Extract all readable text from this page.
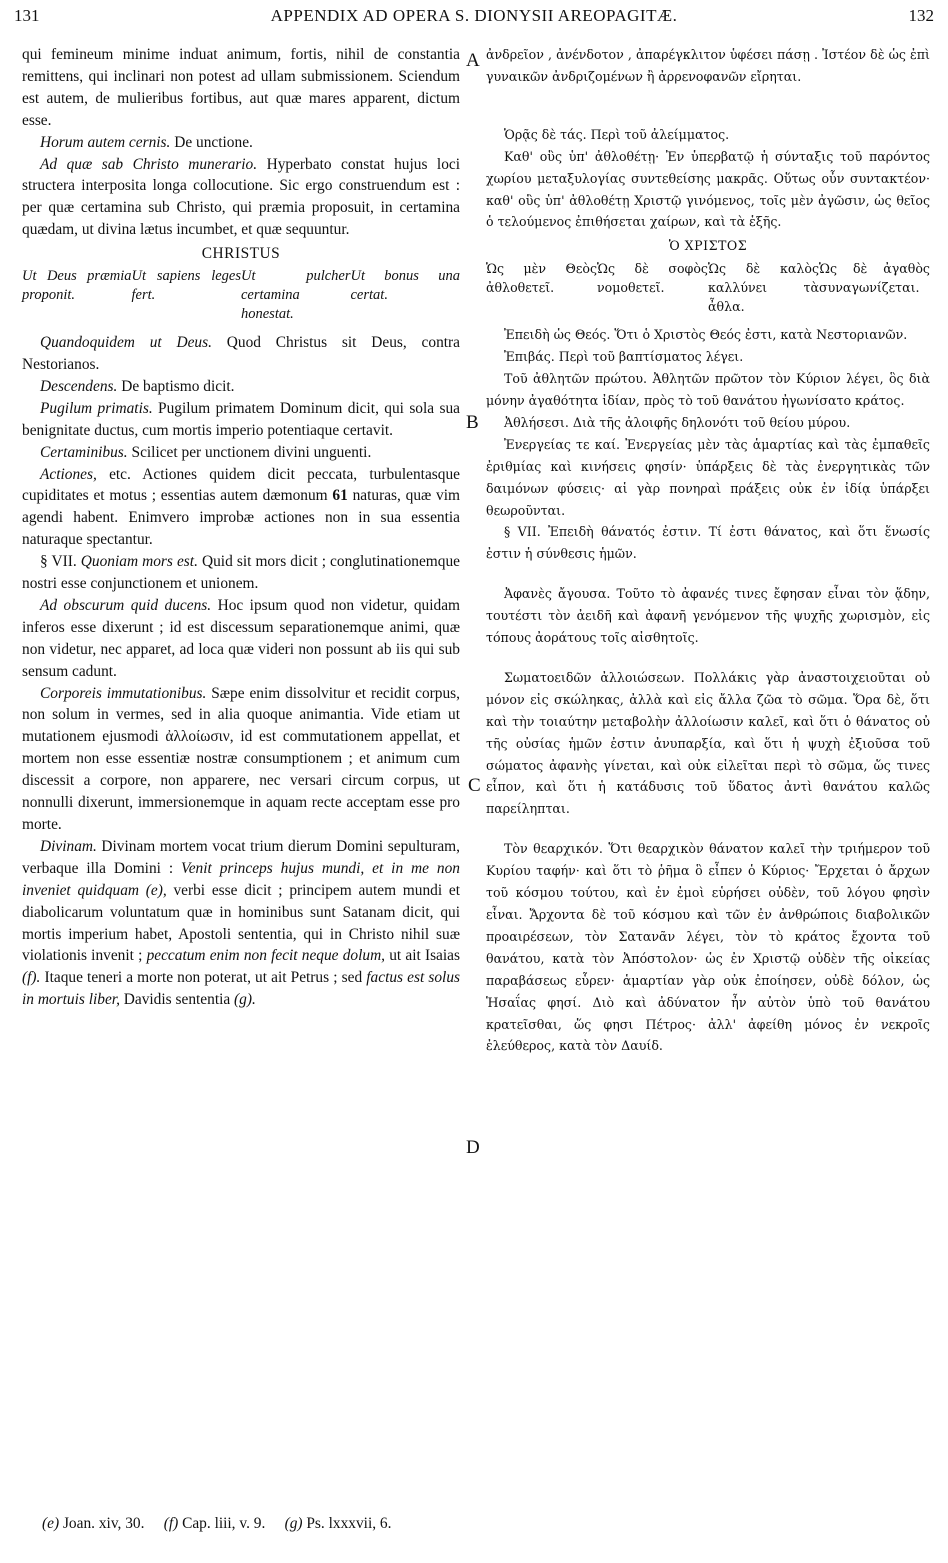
131	APPENDIX AD OPERA S. DIONYSII AREOPAGITÆ.	132
A
B
C
D

qui femineum minime induat animum, fortis, nihil de constantia remittens, qui inclinari non potest ad ullam submissionem. Sciendum est autem, de mulieribus fortibus, aut quæ mares apparent, dictum esse.

Horum autem cernis. De unctione.

Ad quæ sab Christo munerario. Hyperbato constat hujus loci structera interposita longa collocutione. Sic ergo construendum est : per quæ certamina sub Christo, qui præmia proposuit, in certamina quædam, ut divina lætus incumbet, et quæ sequuntur.

CHRISTUS
Ut Deus præmia proponit.
Ut sapiens leges fert.
Ut pulcher certamina honestat.
Ut bonus una certat.

Quandoquidem ut Deus. Quod Christus sit Deus, contra Nestorianos.

Descendens. De baptismo dicit.

Pugilum primatis. Pugilum primatem Dominum dicit, qui sola sua benignitate ductus, cum mortis imperio potentiaque certavit.

Certaminibus. Scilicet per unctionem divini unguenti.

Actiones, etc. Actiones quidem dicit peccata, turbulentasque cupiditates et motus ; essentias autem dæmonum 61 naturas, quæ vim agendi habent. Enimvero improbæ actiones non in sua essentia naturaque spectantur.

§ VII. Quoniam mors est. Quid sit mors dicit ; conglutinationemque nostri esse conjunctionem et unionem.

Ad obscurum quid ducens. Hoc ipsum quod non videtur, quidam inferos esse dixerunt ; id est discessum separationemque animi, quæ non videtur, nec apparet, ad loca quæ videri non possunt ab iis qui sub sensum cadunt.

Corporeis immutationibus. Sæpe enim dissolvitur et recidit corpus, non solum in vermes, sed in alia quoque animantia. Vide etiam ut mutationem ejusmodi ἀλλοίωσιν, id est commutationem appellat, et mortem non esse essentiæ nostræ consumptionem ; et animum cum discessit a corpore, non apparere, nec versari circum corpus, ut nonnulli dixerunt, immersionemque in aquam recte acceptam esse pro morte.

Divinam. Divinam mortem vocat trium dierum Domini sepulturam, verbaque illa Domini : Venit princeps hujus mundi, et in me non inveniet quidquam (e), verbi esse dicit ; principem autem mundi et diabolicarum voluntatum quæ in hominibus sunt Satanam dicit, qui mortis imperium habet, Apostoli sententia, qui in Christo nihil suæ violationis invenit ; peccatum enim non fecit neque dolum, ut ait Isaias (f). Itaque teneri a morte non poterat, ut ait Petrus ; sed factus est solus in mortuis liber, Davidis sententia (g).

ἀνδρεῖον , ἀνένδοτον , ἀπαρέγκλιτον ὑφέσει πάσῃ . Ἰστέον δὲ ὡς ἐπὶ γυναικῶν ἀνδριζομένων ἢ ἀρρενοφανῶν εἴρηται.

Ὁρᾷς δὲ τάς. Περὶ τοῦ ἀλείμματος.

Καθ' οὓς ὑπ' ἀθλοθέτῃ· Ἐν ὑπερβατῷ ἡ σύνταξις τοῦ παρόντος χωρίου μεταξυλογίας συντεθείσης μακρᾶς. Οὕτως οὖν συντακτέον· καθ' οὓς ὑπ' ἀθλοθέτῃ Χριστῷ γινόμενος, τοῖς μὲν ἀγῶσιν, ὡς θεῖος ὁ τελούμενος ἐπιθήσεται χαίρων, καὶ τὰ ἑξῆς.

Ὁ ΧΡΙΣΤΟΣ
Ὡς μὲν Θεὸς ἀθλοθετεῖ.
Ὡς δὲ σοφὸς νομοθετεῖ.
Ὡς δὲ καλὸς καλλύνει τὰ ἆθλα.
Ὡς δὲ ἀγαθὸς συναγωνίζεται.

Ἐπειδὴ ὡς Θεός. Ὅτι ὁ Χριστὸς Θεός ἐστι, κατὰ Νεστοριανῶν.

Ἐπιβάς. Περὶ τοῦ βαπτίσματος λέγει.

Τοῦ ἀθλητῶν πρώτου. Ἀθλητῶν πρῶτον τὸν Κύριον λέγει, ὃς διὰ μόνην ἀγαθότητα ἰδίαν, πρὸς τὸ τοῦ θανάτου ἠγωνίσατο κράτος.

Ἀθλήσεσι. Διὰ τῆς ἀλοιφῆς δηλονότι τοῦ θείου μύρου.

Ἐνεργείας τε καί. Ἐνεργείας μὲν τὰς ἁμαρτίας καὶ τὰς ἐμπαθεῖς ἐριθμίας καὶ κινήσεις φησίν· ὑπάρξεις δὲ τὰς ἐνεργητικὰς τῶν δαιμόνων φύσεις· αἱ γὰρ πονηραὶ πράξεις οὐκ ἐν ἰδίᾳ ὑπάρξει θεωροῦνται.

§ VII. Ἐπειδὴ θάνατός ἐστιν. Τί ἐστι θάνατος, καὶ ὅτι ἕνωσίς ἐστιν ἡ σύνθεσις ἡμῶν.

Ἀφανὲς ἄγουσα. Τοῦτο τὸ ἀφανές τινες ἔφησαν εἶναι τὸν ᾅδην, τουτέστι τὸν ἀειδῆ καὶ ἀφανῆ γενόμενον τῆς ψυχῆς χωρισμὸν, εἰς τόπους ἀοράτους τοῖς αἰσθητοῖς.

Σωματοειδῶν ἀλλοιώσεων. Πολλάκις γὰρ ἀναστοιχειοῦται οὐ μόνον εἰς σκώληκας, ἀλλὰ καὶ εἰς ἄλλα ζῶα τὸ σῶμα. Ὅρα δὲ, ὅτι καὶ τὴν τοιαύτην μεταβολὴν ἀλλοίωσιν καλεῖ, καὶ ὅτι ὁ θάνατος οὐ τῆς οὐσίας ἡμῶν ἐστιν ἀνυπαρξία, καὶ ὅτι ἡ ψυχὴ ἐξιοῦσα τοῦ σώματος ἀφανὴς γίνεται, καὶ οὐκ εἰλεῖται περὶ τὸ σῶμα, ὥς τινες εἶπον, καὶ ὅτι ἡ κατάδυσις τοῦ ὕδατος ἀντὶ θανάτου καλῶς παρείληπται.

Τὸν θεαρχικόν. Ὅτι θεαρχικὸν θάνατον καλεῖ τὴν τριήμερον τοῦ Κυρίου ταφήν· καὶ ὅτι τὸ ῥῆμα ὃ εἶπεν ὁ Κύριος· Ἔρχεται ὁ ἄρχων τοῦ κόσμου τούτου, καὶ ἐν ἐμοὶ εὑρήσει οὐδὲν, τοῦ λόγου φησὶν εἶναι. Ἄρχοντα δὲ τοῦ κόσμου καὶ τῶν ἐν ἀνθρώποις διαβολικῶν προαιρέσεων, τὸν Σατανᾶν λέγει, τὸν τὸ κράτος ἔχοντα τοῦ θανάτου, κατὰ τὸν Ἀπόστολον· ὡς ἐν Χριστῷ οὐδὲν τῆς οἰκείας παραβάσεως εὗρεν· ἁμαρτίαν γὰρ οὐκ ἐποίησεν, οὐδὲ δόλον, ὡς Ἡσαΐας φησί. Διὸ καὶ ἀδύνατον ἦν αὐτὸν ὑπὸ τοῦ θανάτου κρατεῖσθαι, ὥς φησι Πέτρος· ἀλλ' ἀφείθη μόνος ἐν νεκροῖς ἐλεύθερος, κατὰ τὸν Δαυίδ.

(e) Joan. xiv, 30. (f) Cap. liii, v. 9. (g) Ps. lxxxvii, 6.
